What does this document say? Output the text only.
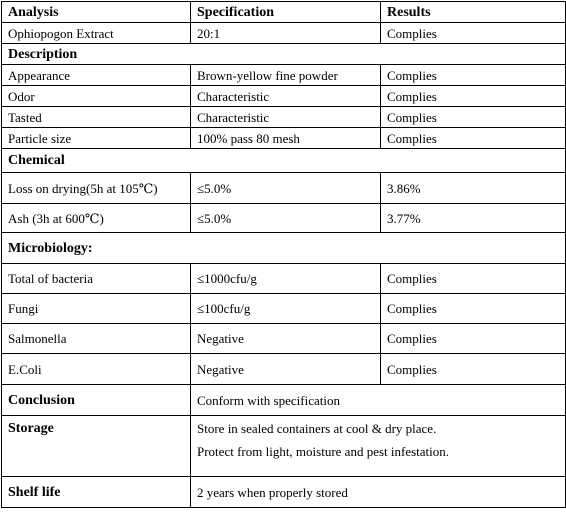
Analysis	Specification	Results
Ophiopogon Extract	20:1	Complies
Description		
Appearance	Brown-yellow fine powder	Complies
Odor	Characteristic	Complies
Tasted	Characteristic	Complies
Particle size	100% pass 80 mesh	Complies
Chemical		
Loss on drying(5h at 105℃)	≤5.0%	3.86%
Ash (3h at 600℃)	≤5.0%	3.77%
Microbiology:		
Total of bacteria	≤1000cfu/g	Complies
Fungi	≤100cfu/g	Complies
Salmonella	Negative	Complies
E.Coli	Negative	Complies
Conclusion	Conform with specification	
Storage	Store in sealed containers at cool & dry place.
Protect from light, moisture and pest infestation.	

Shelf life	2 years when properly stored	
